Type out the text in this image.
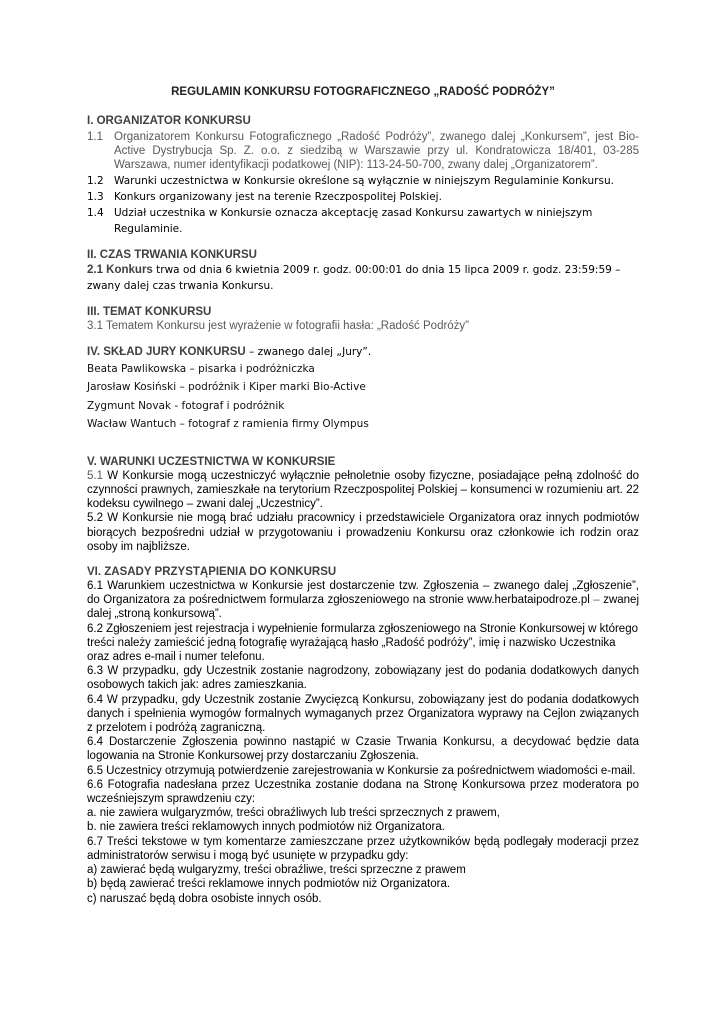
REGULAMIN KONKURSU FOTOGRAFICZNEGO „RADOŚĆ PODRÓŻY”

I. ORGANIZATOR KONKURSU

1.1 Organizatorem Konkursu Fotograficznego „Radość Podróży”, zwanego dalej „Konkursem”, jest Bio-Active Dystrybucja Sp. Z. o.o. z siedzibą w Warszawie przy ul. Kondratowicza 18/401, 03-285 Warszawa, numer identyfikacji podatkowej (NIP): 113-24-50-700, zwany dalej „Organizatorem”.
1.2 Warunki uczestnictwa w Konkursie określone są wyłącznie w niniejszym Regulaminie Konkursu.
1.3 Konkurs organizowany jest na terenie Rzeczpospolitej Polskiej.
1.4 Udział uczestnika w Konkursie oznacza akceptację zasad Konkursu zawartych w niniejszym Regulaminie.

II. CZAS TRWANIA KONKURSU

2.1 Konkurs trwa od dnia 6 kwietnia 2009 r. godz. 00:00:01 do dnia 15 lipca 2009 r. godz. 23:59:59 – zwany dalej czas trwania Konkursu.

III. TEMAT KONKURSU

3.1 Tematem Konkursu jest wyrażenie w fotografii hasła: „Radość Podróży”

IV. SKŁAD JURY KONKURSU – zwanego dalej „Jury”.

Beata Pawlikowska – pisarka i podróżniczka

Jarosław Kosiński – podróżnik i Kiper marki Bio-Active

Zygmunt Novak - fotograf i podróżnik

Wacław Wantuch – fotograf z ramienia firmy Olympus

V. WARUNKI UCZESTNICTWA W KONKURSIE

5.1 W Konkursie mogą uczestniczyć wyłącznie pełnoletnie osoby fizyczne, posiadające pełną zdolność do czynności prawnych, zamieszkałe na terytorium Rzeczpospolitej Polskiej – konsumenci w rozumieniu art. 22 kodeksu cywilnego – zwani dalej „Uczestnicy”.

5.2 W Konkursie nie mogą brać udziału pracownicy i przedstawiciele Organizatora oraz innych podmiotów biorących bezpośredni udział w przygotowaniu i prowadzeniu Konkursu oraz członkowie ich rodzin oraz osoby im najbliższe.

VI. ZASADY PRZYSTĄPIENIA DO KONKURSU

6.1 Warunkiem uczestnictwa w Konkursie jest dostarczenie tzw. Zgłoszenia – zwanego dalej „Zgłoszenie”, do Organizatora za pośrednictwem formularza zgłoszeniowego na stronie www.herbataipodroze.pl – zwanej dalej „stroną konkursową”.

6.2 Zgłoszeniem jest rejestracja i wypełnienie formularza zgłoszeniowego na Stronie Konkursowej w którego treści należy zamieścić jedną fotografię wyrażającą hasło „Radość podróży”, imię i nazwisko Uczestnika oraz adres e-mail i numer telefonu.

6.3 W przypadku, gdy Uczestnik zostanie nagrodzony, zobowiązany jest do podania dodatkowych danych osobowych takich jak: adres zamieszkania.

6.4 W przypadku, gdy Uczestnik zostanie Zwycięzcą Konkursu, zobowiązany jest do podania dodatkowych danych i spełnienia wymogów formalnych wymaganych przez Organizatora wyprawy na Cejlon związanych z przelotem i podróżą zagraniczną.

6.4 Dostarczenie Zgłoszenia powinno nastąpić w Czasie Trwania Konkursu, a decydować będzie data logowania na Stronie Konkursowej przy dostarczaniu Zgłoszenia.

6.5 Uczestnicy otrzymują potwierdzenie zarejestrowania w Konkursie za pośrednictwem wiadomości e-mail.

6.6 Fotografia nadesłana przez Uczestnika zostanie dodana na Stronę Konkursowa przez moderatora po wcześniejszym sprawdzeniu czy:

a. nie zawiera wulgaryzmów, treści obraźliwych lub treści sprzecznych z prawem,

b. nie zawiera treści reklamowych innych podmiotów niż Organizatora.

6.7 Treści tekstowe w tym komentarze zamieszczane przez użytkowników będą podlegały moderacji przez administratorów serwisu i mogą być usunięte w przypadku gdy:

a) zawierać będą wulgaryzmy, treści obraźliwe, treści sprzeczne z prawem

b) będą zawierać treści reklamowe innych podmiotów niż Organizatora.

c) naruszać będą dobra osobiste innych osób.
